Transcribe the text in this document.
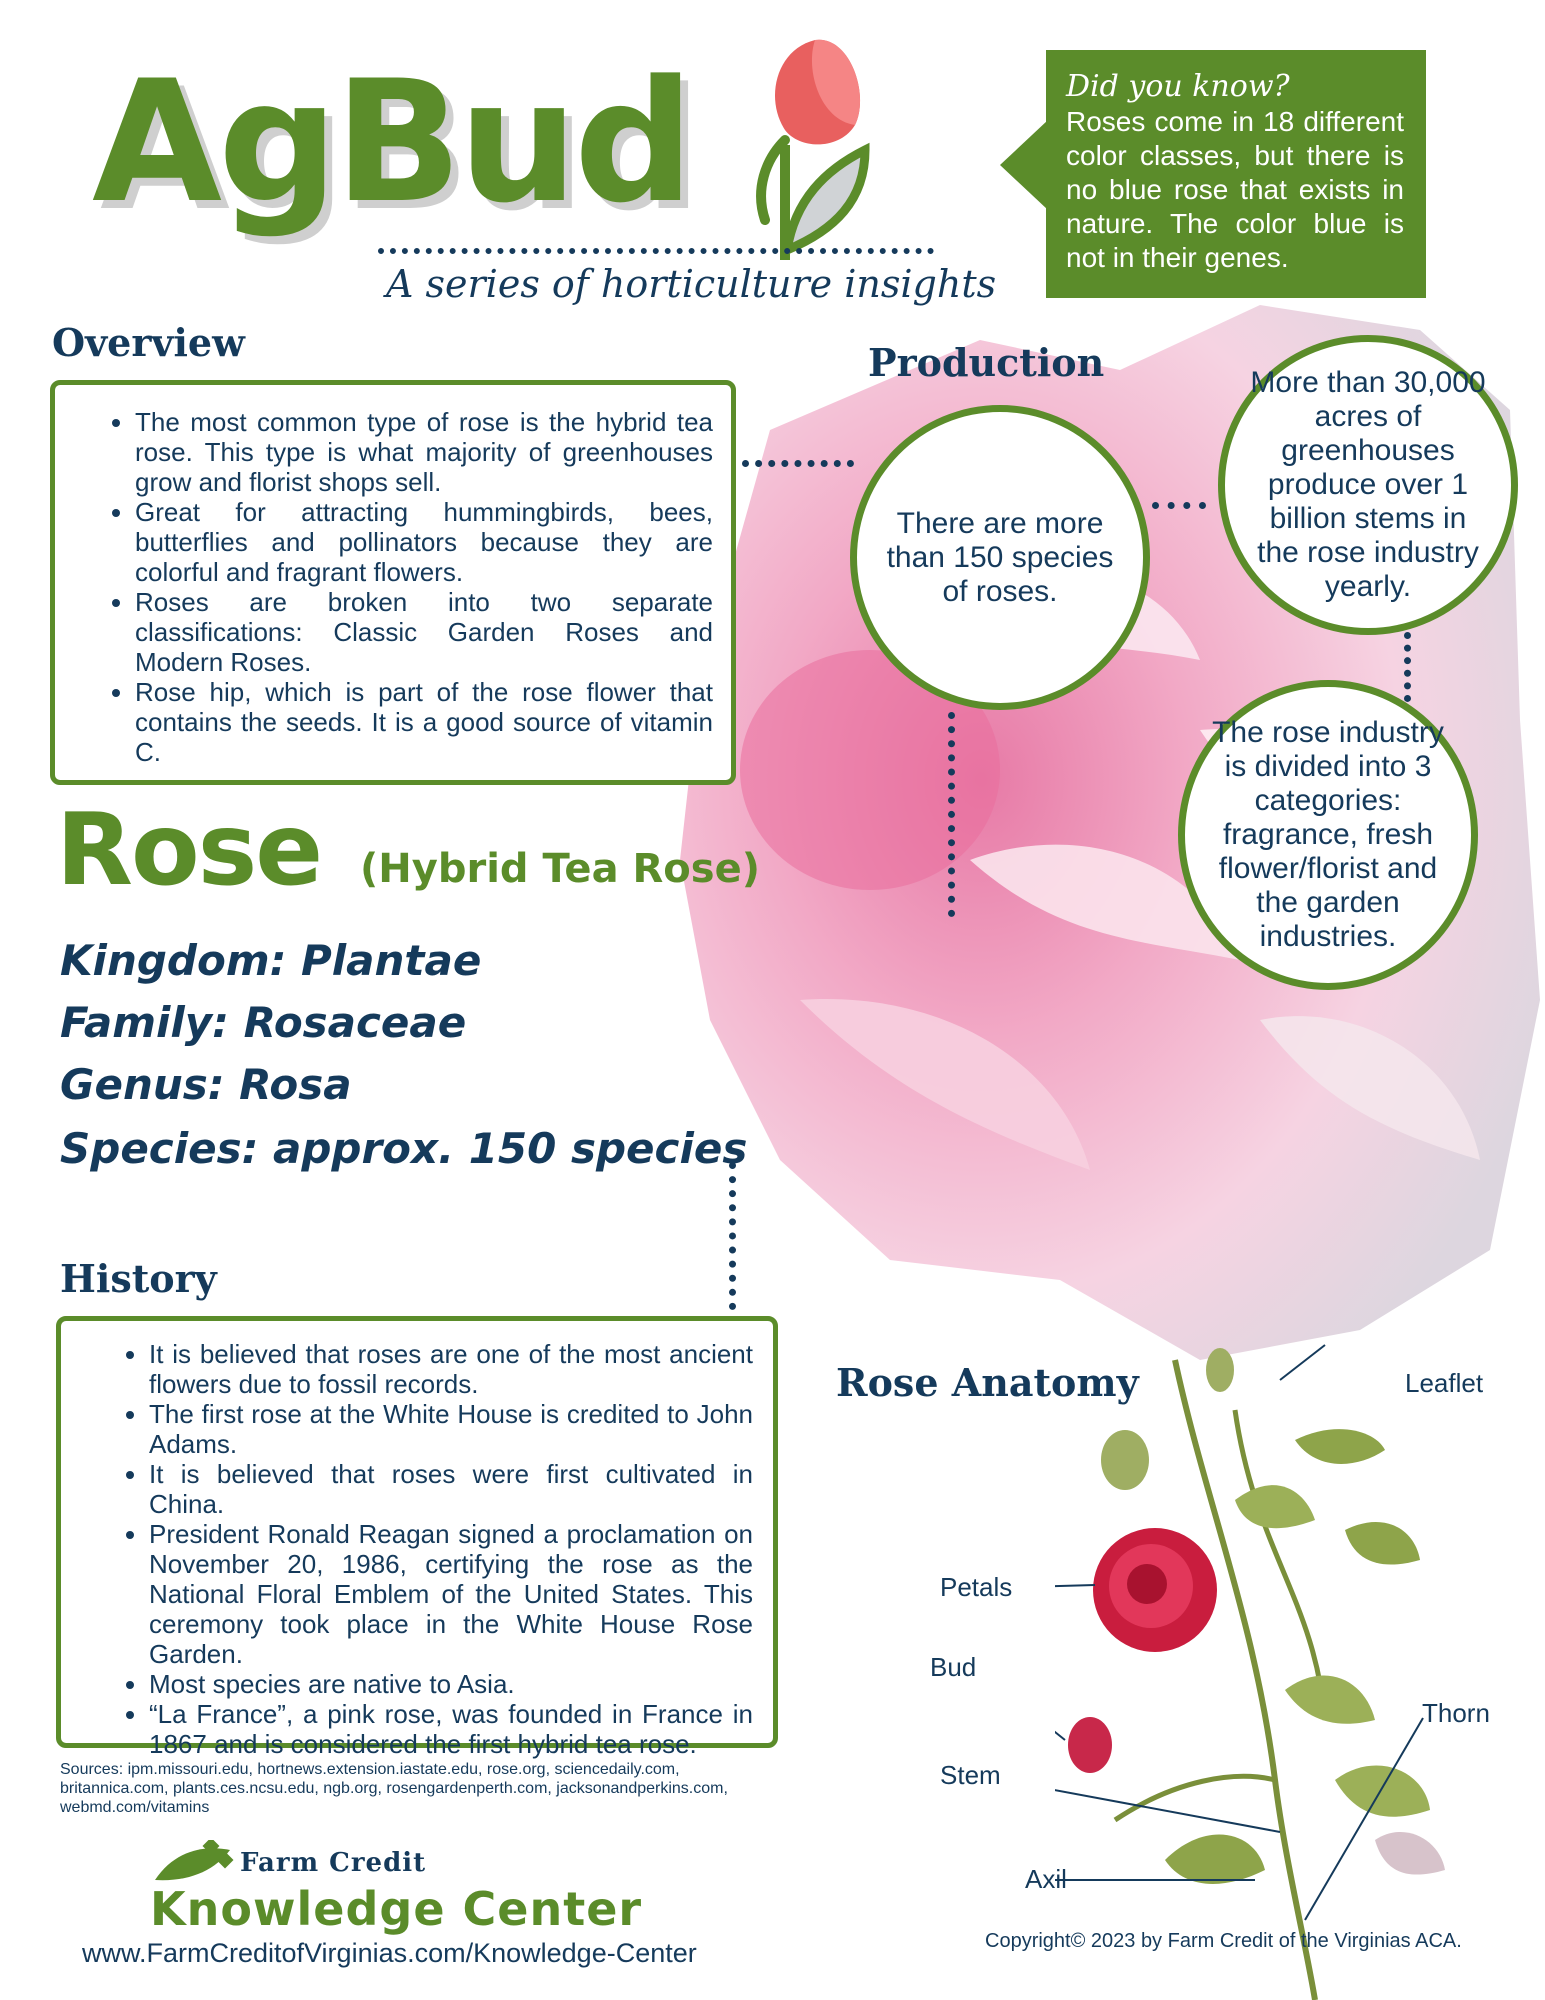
AgBud
A series of horticulture insights
Did you know?
Roses come in 18 different color classes, but there is no blue rose that exists in nature. The color blue is not in their genes.
Overview
• The most common type of rose is the hybrid tea rose. This type is what majority of greenhouses grow and florist shops sell.
• Great for attracting hummingbirds, bees, butterflies and pollinators because they are colorful and fragrant flowers.
• Roses are broken into two separate classifications: Classic Garden Roses and Modern Roses.
• Rose hip, which is part of the rose flower that contains the seeds. It is a good source of vitamin C.
Production
There are more than 150 species of roses.
More than 30,000 acres of greenhouses produce over 1 billion stems in the rose industry yearly.
The rose industry is divided into 3 categories: fragrance, fresh flower/florist and the garden industries.
Rose (Hybrid Tea Rose)
Kingdom: Plantae
Family: Rosaceae
Genus: Rosa
Species: approx. 150 species
History
• It is believed that roses are one of the most ancient flowers due to fossil records.
• The first rose at the White House is credited to John Adams.
• It is believed that roses were first cultivated in China.
• President Ronald Reagan signed a proclamation on November 20, 1986, certifying the rose as the National Floral Emblem of the United States. This ceremony took place in the White House Rose Garden.
• Most species are native to Asia.
• “La France”, a pink rose, was founded in France in 1867 and is considered the first hybrid tea rose.
Rose Anatomy	Leaflet
Petals
Bud
Thorn
Stem
Axil
Sources: ipm.missouri.edu, hortnews.extension.iastate.edu, rose.org, sciencedaily.com, britannica.com, plants.ces.ncsu.edu, ngb.org, rosengardenperth.com, jacksonandperkins.com, webmd.com/vitamins
Farm Credit
Knowledge Center
www.FarmCreditofVirginias.com/Knowledge-Center	Copyright© 2023 by Farm Credit of the Virginias ACA.
